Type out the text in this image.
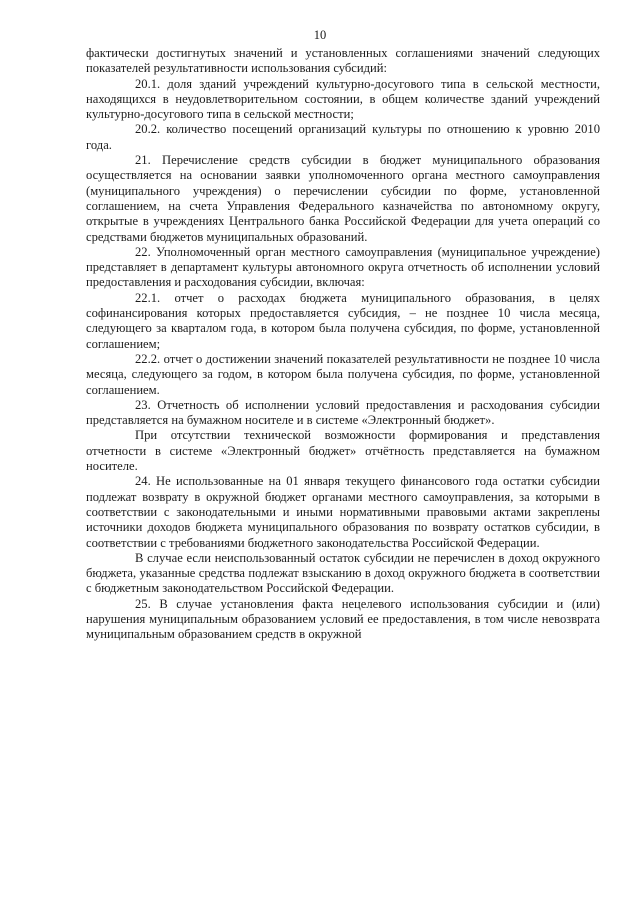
10

фактически достигнутых значений и установленных соглашениями значений следующих показателей результативности использования субсидий:

20.1. доля зданий учреждений культурно-досугового типа в сельской местности, находящихся в неудовлетворительном состоянии, в общем количестве зданий учреждений культурно-досугового типа в сельской местности;

20.2. количество посещений организаций культуры по отношению к уровню 2010 года.

21. Перечисление средств субсидии в бюджет муниципального образования осуществляется на основании заявки уполномоченного органа местного самоуправления (муниципального учреждения) о перечислении субсидии по форме, установленной соглашением, на счета Управления Федерального казначейства по автономному округу, открытые в учреждениях Центрального банка Российской Федерации для учета операций со средствами бюджетов муниципальных образований.

22. Уполномоченный орган местного самоуправления (муниципальное учреждение) представляет в департамент культуры автономного округа отчетность об исполнении условий предоставления и расходования субсидии, включая:

22.1. отчет о расходах бюджета муниципального образования, в целях софинансирования которых предоставляется субсидия, – не позднее 10 числа месяца, следующего за кварталом года, в котором была получена субсидия, по форме, установленной соглашением;

22.2. отчет о достижении значений показателей результативности не позднее 10 числа месяца, следующего за годом, в котором была получена субсидия, по форме, установленной соглашением.

23. Отчетность об исполнении условий предоставления и расходования субсидии представляется на бумажном носителе и в системе «Электронный бюджет».

При отсутствии технической возможности формирования и представления отчетности в системе «Электронный бюджет» отчётность представляется на бумажном носителе.

24. Не использованные на 01 января текущего финансового года остатки субсидии подлежат возврату в окружной бюджет органами местного самоуправления, за которыми в соответствии с законодательными и иными нормативными правовыми актами закреплены источники доходов бюджета муниципального образования по возврату остатков субсидии, в соответствии с требованиями бюджетного законодательства Российской Федерации.

В случае если неиспользованный остаток субсидии не перечислен в доход окружного бюджета, указанные средства подлежат взысканию в доход окружного бюджета в соответствии с бюджетным законодательством Российской Федерации.

25. В случае установления факта нецелевого использования субсидии и (или) нарушения муниципальным образованием условий ее предоставления, в том числе невозврата муниципальным образованием средств в окружной
